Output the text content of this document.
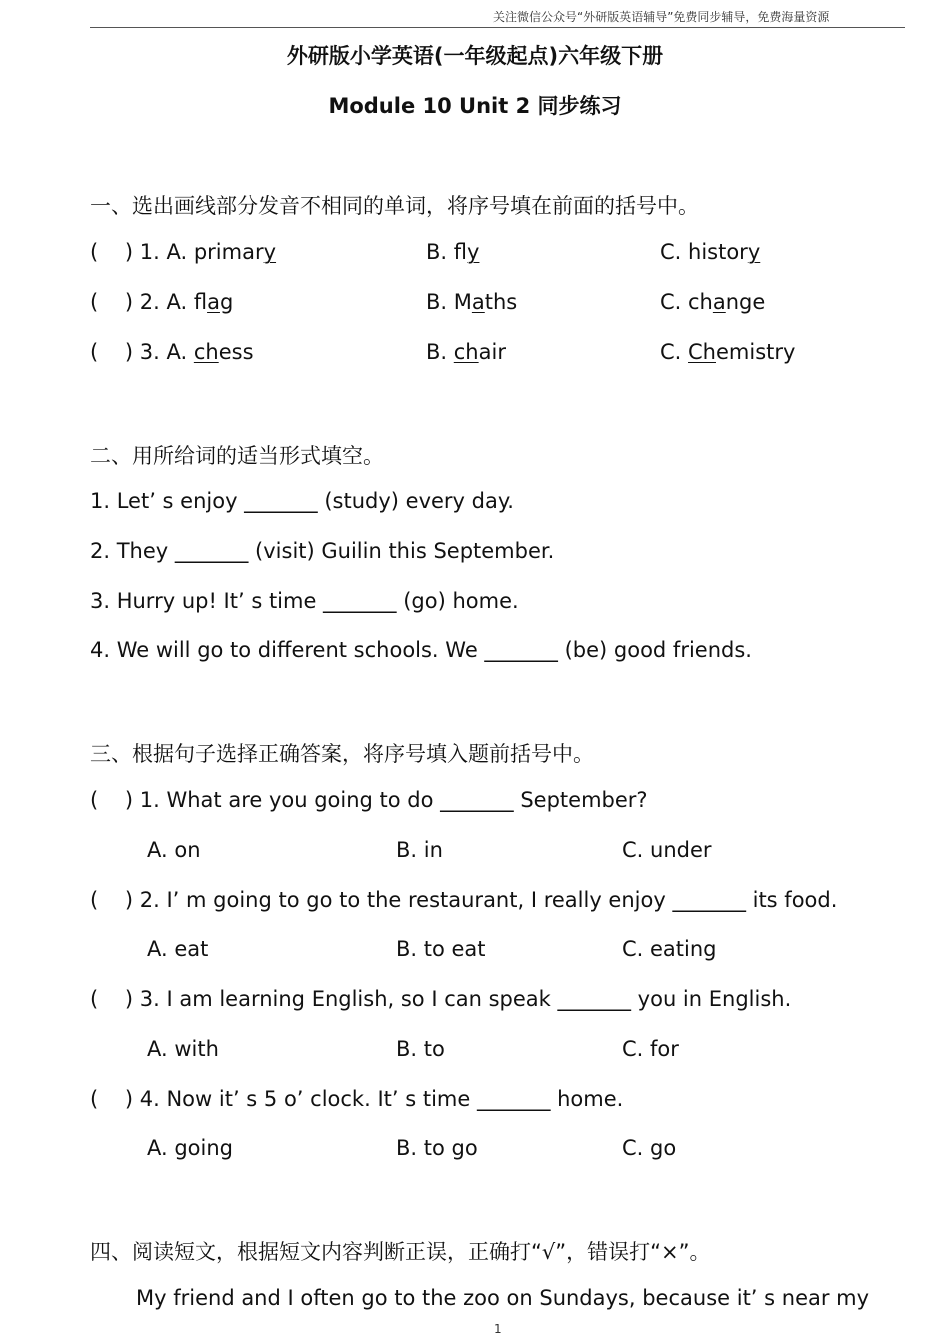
关注微信公众号“外研版英语辅导”免费同步辅导，免费海量资源
外研版小学英语(一年级起点)六年级下册
Module 10 Unit 2 同步练习
一、选出画线部分发音不相同的单词，将序号填在前面的括号中。
(    ) 1. A. primary	B. fly	C. history
(    ) 2. A. flag	B. Maths	C. change
(    ) 3. A. chess	B. chair	C. Chemistry
二、用所给词的适当形式填空。
1. Let’ s enjoy _______ (study) every day.
2. They _______ (visit) Guilin this September.
3. Hurry up! It’ s time _______ (go) home.
4. We will go to different schools. We _______ (be) good friends.
三、根据句子选择正确答案，将序号填入题前括号中。
(    ) 1. What are you going to do _______ September?
A. on	B. in	C. under
(    ) 2. I’ m going to go to the restaurant, I really enjoy _______ its food.
A. eat	B. to eat	C. eating
(    ) 3. I am learning English, so I can speak _______ you in English.
A. with	B. to	C. for
(    ) 4. Now it’ s 5 o’ clock. It’ s time _______ home.
A. going	B. to go	C. go
四、阅读短文，根据短文内容判断正误，正确打“√”，错误打“×”。
My friend and I often go to the zoo on Sundays, because it’ s near my
1
